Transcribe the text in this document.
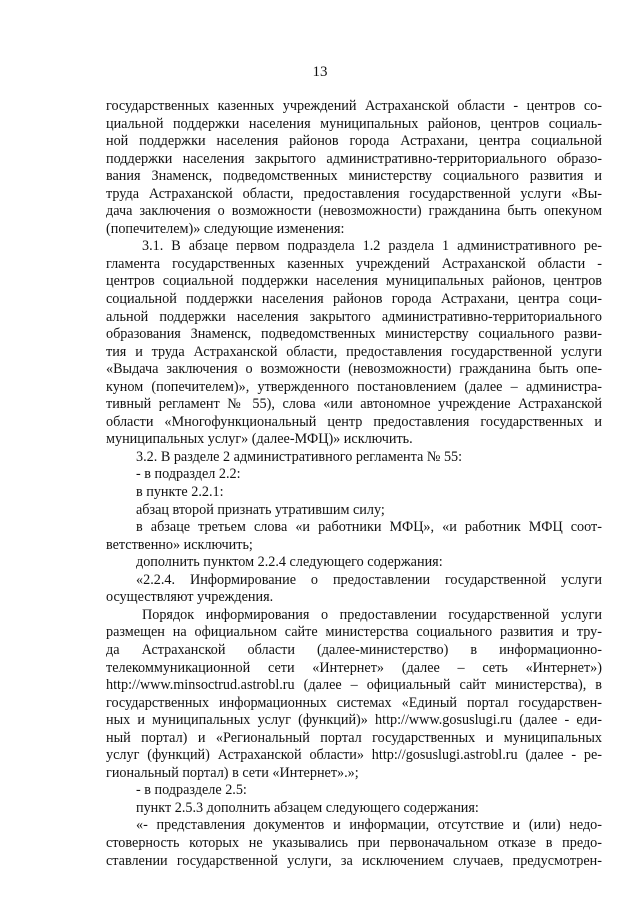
13
государственных казенных учреждений Астраханской области - центров со-
циальной поддержки населения муниципальных районов, центров социаль-
ной поддержки населения районов города Астрахани, центра социальной
поддержки населения закрытого административно-территориального образо-
вания Знаменск, подведомственных министерству социального развития и
труда Астраханской области, предоставления государственной услуги «Вы-
дача заключения о возможности (невозможности) гражданина быть опекуном
(попечителем)» следующие изменения:
3.1. В абзаце первом подраздела 1.2 раздела 1 административного ре-
гламента государственных казенных учреждений Астраханской области -
центров социальной поддержки населения муниципальных районов, центров
социальной поддержки населения районов города Астрахани, центра соци-
альной поддержки населения закрытого административно-территориального
образования Знаменск, подведомственных министерству социального разви-
тия и труда Астраханской области, предоставления государственной услуги
«Выдача заключения о возможности (невозможности) гражданина быть опе-
куном (попечителем)», утвержденного постановлением (далее – администра-
тивный регламент № 55), слова «или автономное учреждение Астраханской
области «Многофункциональный центр предоставления государственных и
муниципальных услуг» (далее-МФЦ)» исключить.
3.2. В разделе 2 административного регламента № 55:
- в подраздел 2.2:
в пункте 2.2.1:
абзац второй признать утратившим силу;
в абзаце третьем слова «и работники МФЦ», «и работник МФЦ соот-
ветственно» исключить;
дополнить пунктом 2.2.4 следующего содержания:
«2.2.4. Информирование о предоставлении государственной услуги
осуществляют учреждения.
Порядок информирования о предоставлении государственной услуги
размещен на официальном сайте министерства социального развития и тру-
да Астраханской области (далее-министерство) в информационно-
телекоммуникационной сети «Интернет» (далее – сеть «Интернет»)
http://www.minsoctrud.astrobl.ru (далее – официальный сайт министерства), в
государственных информационных системах «Единый портал государствен-
ных и муниципальных услуг (функций)» http://www.gosuslugi.ru (далее - еди-
ный портал) и «Региональный портал государственных и муниципальных
услуг (функций) Астраханской области» http://gosuslugi.astrobl.ru (далее - ре-
гиональный портал) в сети «Интернет».»;
- в подразделе 2.5:
пункт 2.5.3 дополнить абзацем следующего содержания:
«- представления документов и информации, отсутствие и (или) недо-
стоверность которых не указывались при первоначальном отказе в предо-
ставлении государственной услуги, за исключением случаев, предусмотрен-
